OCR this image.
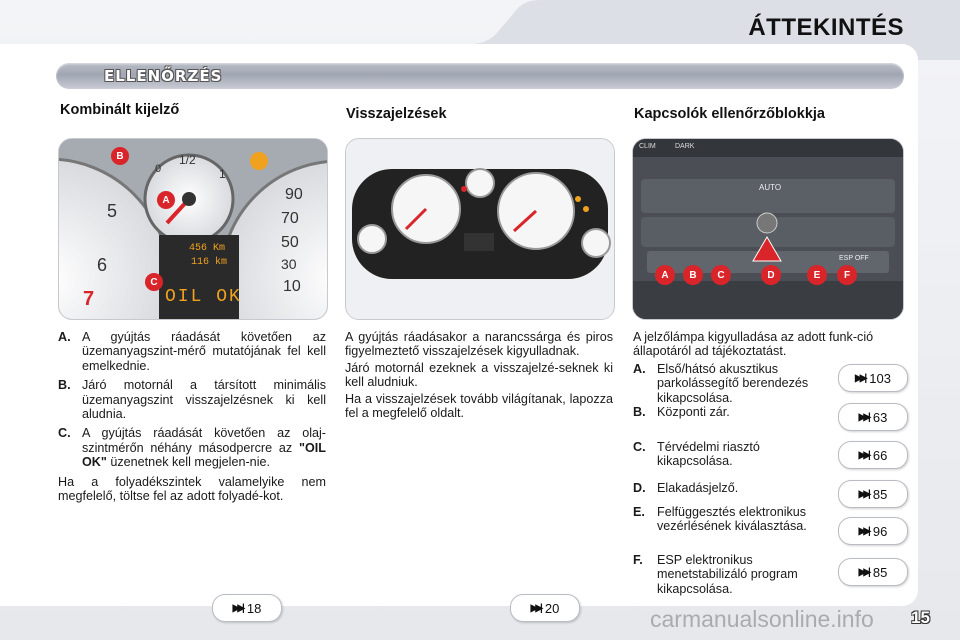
ÁTTEKINTÉS
ELLENŐRZÉS
Kombinált kijelző
5
6
7
90
70
50
30
10
1/2
1
0
456 Km
116 km
OIL OK
B
A
C
A. A gyújtás ráadását követően az üzemanyagszint-mérő mutatójának fel kell emelkednie.
B. Járó motornál a társított minimális üzemanyagszint visszajelzésnek ki kell aludnia.
C. A gyújtás ráadását követően az olaj-szintmérőn néhány másodpercre az "OIL OK" üzenetnek kell megjelen-nie.
Ha a folyadékszintek valamelyike nem megfelelő, töltse fel az adott folyadé-kot.
Visszajelzések
A gyújtás ráadásakor a narancssárga és piros figyelmeztető visszajelzések kigyulladnak.
Járó motornál ezeknek a visszajelzé-seknek ki kell aludniuk.
Ha a visszajelzések tovább világítanak, lapozza fel a megfelelő oldalt.
Kapcsolók ellenőrzőblokkja
CLIM	DARK
AUTO
ESP OFF
A	B	C	D	E	F
A jelzőlámpa kigyulladása az adott funk-ció állapotáról ad tájékoztatást.
A. Első/hátsó akusztikus parkolássegítő berendezés kikapcsolása.
B. Központi zár.
C. Térvédelmi riasztó kikapcsolása.
D. Elakadásjelző.
E. Felfüggesztés elektronikus vezérlésének kiválasztása.
F.	ESP elektronikus menetstabilizáló program kikapcsolása.
▶▶| 103
▶▶| 63
▶▶| 66
▶▶| 85
▶▶| 96
▶▶| 85
▶▶| 18	▶▶| 20	carmanualsonline.info 15
